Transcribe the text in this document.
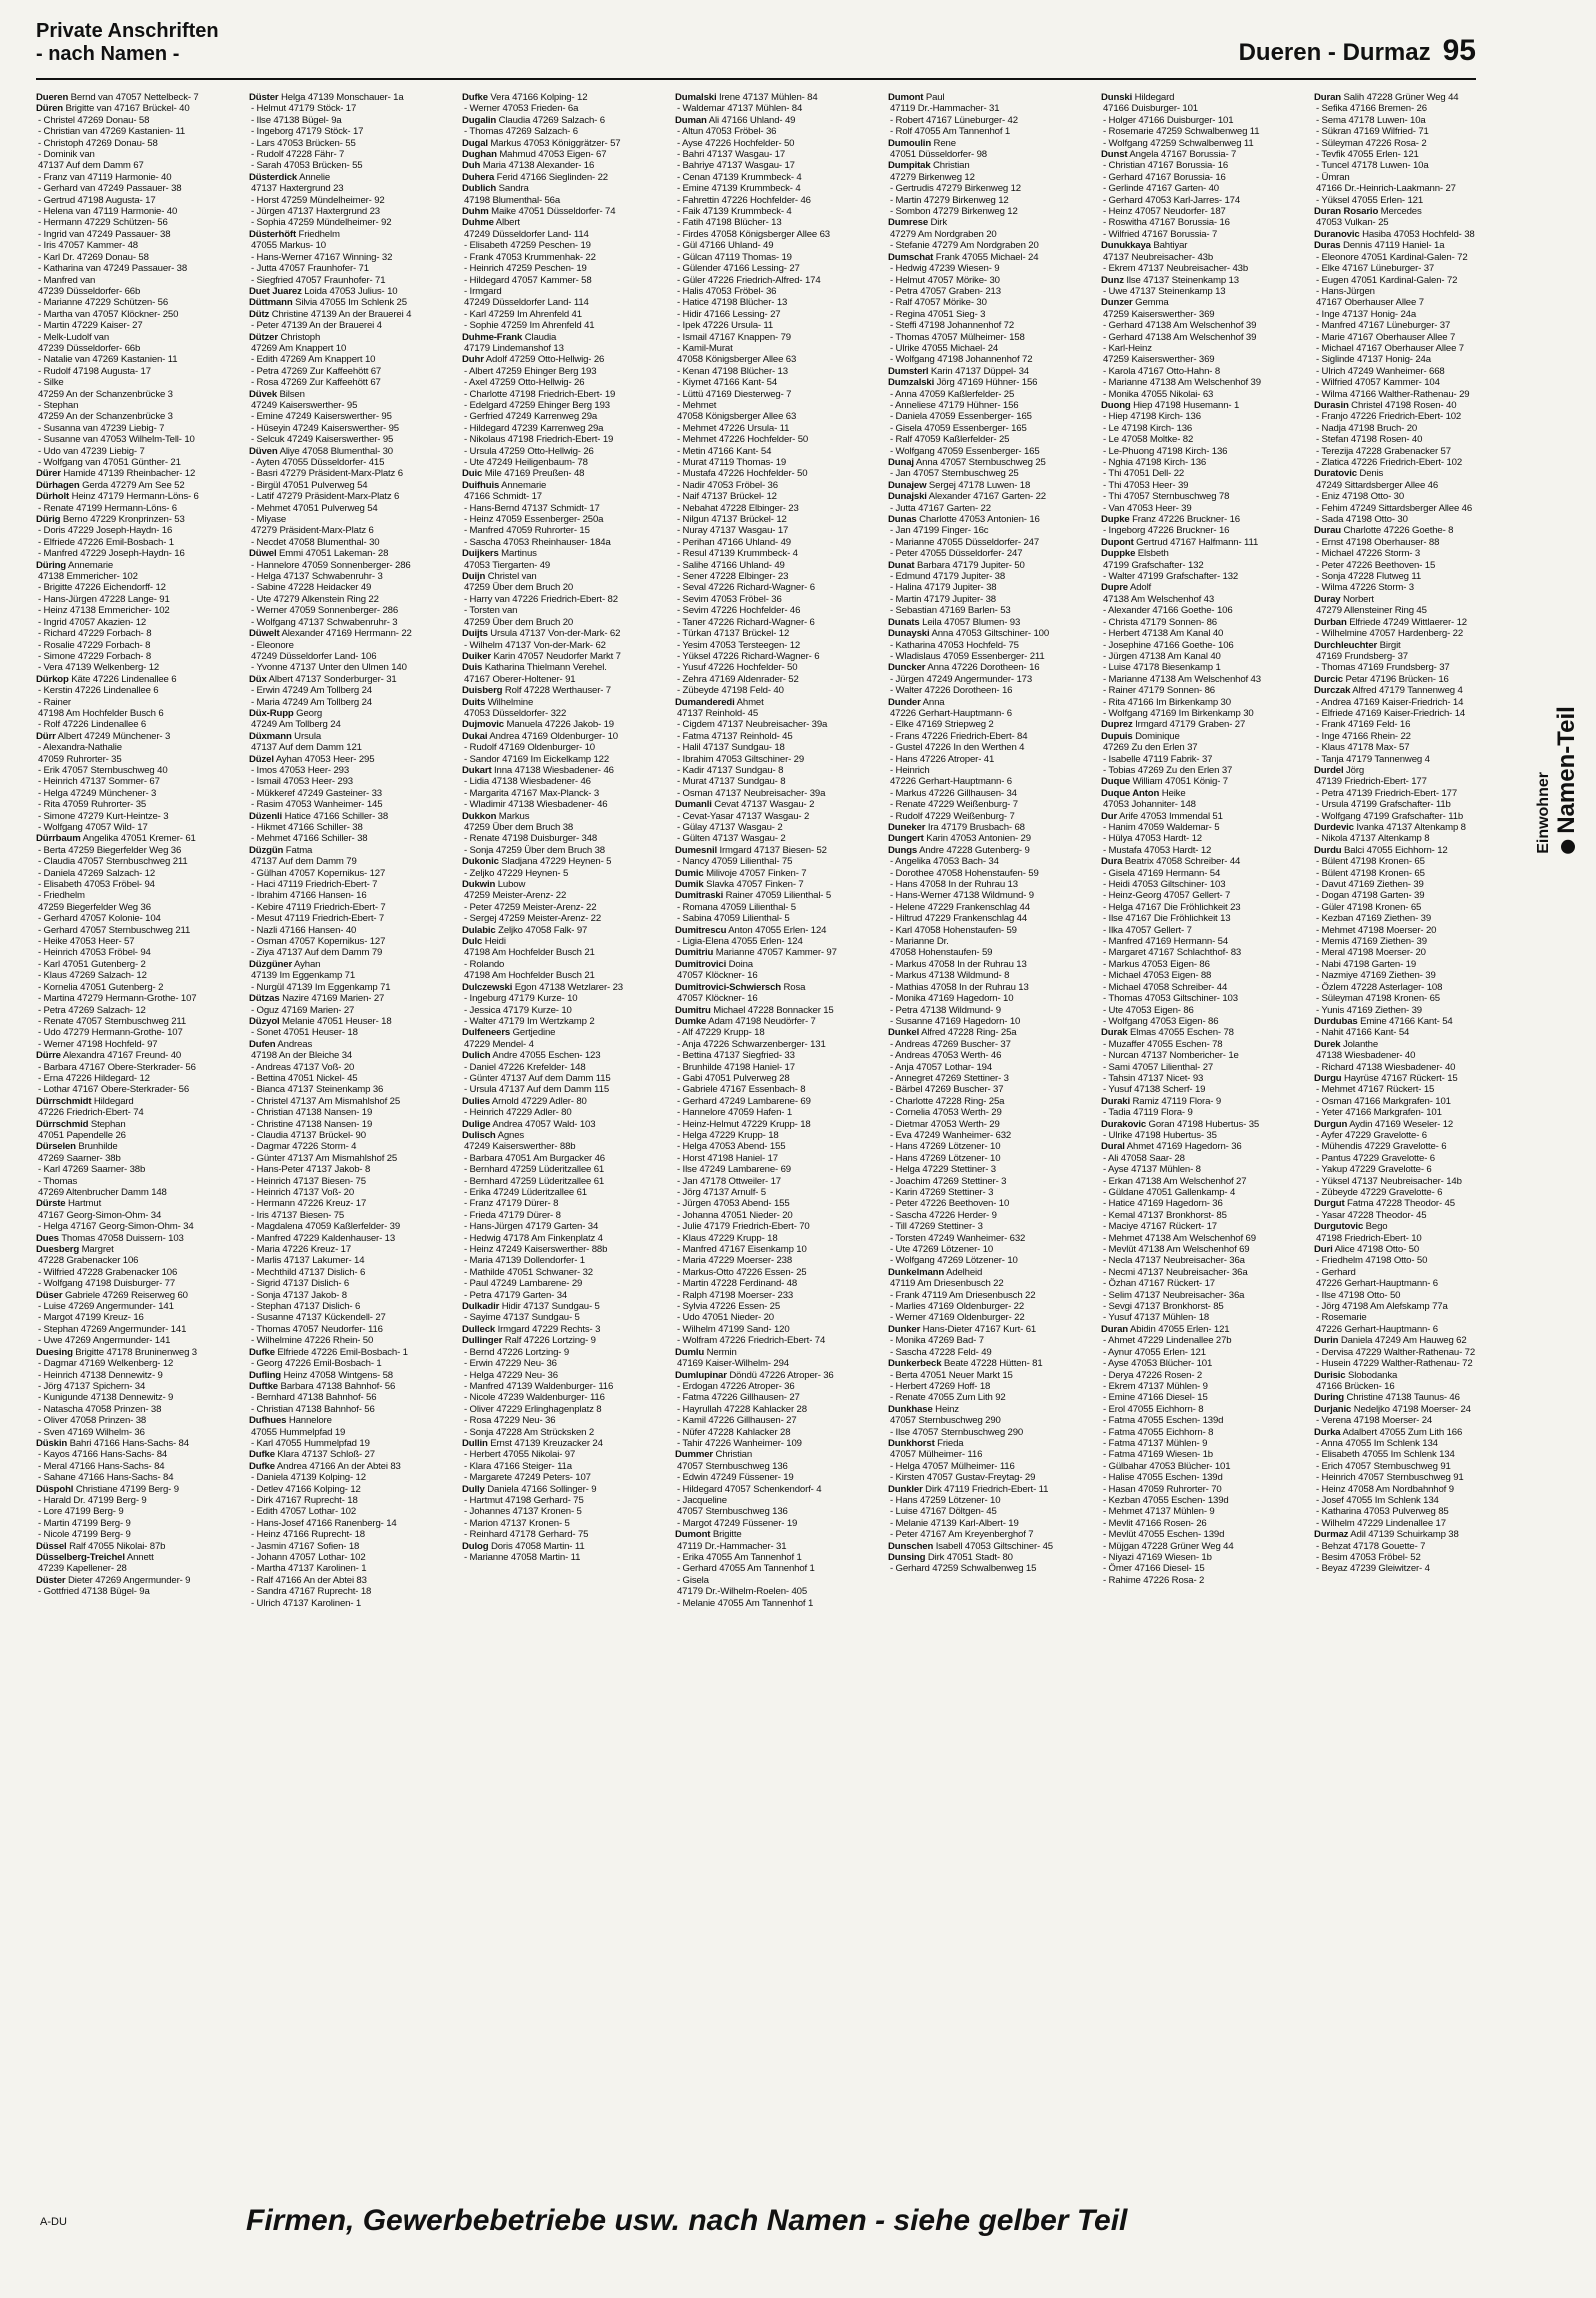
Private Anschriften
- nach Namen -	Dueren - Durmaz 95
Dueren Bernd van 47057 Nettelbeck- 7
Düren Brigitte van 47167 Brückel- 40
- Christel 47269 Donau- 58
- Christian van 47269 Kastanien- 11
- Christoph 47269 Donau- 58
- Dominik van
47137 Auf dem Damm 67
- Franz van 47119 Harmonie- 40
- Gerhard van 47249 Passauer- 38
- Gertrud 47198 Augusta- 17
- Helena van 47119 Harmonie- 40
- Hermann 47229 Schützen- 56
- Ingrid van 47249 Passauer- 38
- Iris 47057 Kammer- 48
- Karl Dr. 47269 Donau- 58
- Katharina van 47249 Passauer- 38
- Manfred van
47239 Düsseldorfer- 66b
- Marianne 47229 Schützen- 56
- Martha van 47057 Klöckner- 250
- Martin 47229 Kaiser- 27
- Melk-Ludolf van
47239 Düsseldorfer- 66b
- Natalie van 47269 Kastanien- 11
- Rudolf 47198 Augusta- 17
- Silke
47259 An der Schanzenbrücke 3
- Stephan
47259 An der Schanzenbrücke 3
- Susanna van 47239 Liebig- 7
- Susanne van 47053 Wilhelm-Tell- 10
- Udo van 47239 Liebig- 7
- Wolfgang van 47051 Günther- 21
Dürer Hamide 47139 Rheinbacher- 12
Dürhagen Gerda 47279 Am See 52
Dürholt Heinz 47179 Hermann-Löns- 6
- Renate 47199 Hermann-Löns- 6
Dürig Berno 47229 Kronprinzen- 53
- Doris 47229 Joseph-Haydn- 16
- Elfriede 47226 Emil-Bosbach- 1
- Manfred 47229 Joseph-Haydn- 16
Düring Annemarie
47138 Emmericher- 102
- Brigitte 47226 Eichendorff- 12
- Hans-Jürgen 47228 Lange- 91
- Heinz 47138 Emmericher- 102
- Ingrid 47057 Akazien- 12
- Richard 47229 Forbach- 8
- Rosalie 47229 Forbach- 8
- Simone 47229 Forbach- 8
- Vera 47139 Welkenberg- 12
Dürkop Käte 47226 Lindenallee 6
- Kerstin 47226 Lindenallee 6
- Rainer
47198 Am Hochfelder Busch 6
- Rolf 47226 Lindenallee 6
Dürr Albert 47249 Münchener- 3
- Alexandra-Nathalie
47059 Ruhrorter- 35
- Erik 47057 Sternbuschweg 40
- Heinrich 47137 Sommer- 67
- Helga 47249 Münchener- 3
- Rita 47059 Ruhrorter- 35
- Simone 47279 Kurt-Heintze- 3
- Wolfgang 47057 Wild- 17
Dürrbaum Angelika 47051 Kremer- 61
- Berta 47259 Biegerfelder Weg 36
- Claudia 47057 Sternbuschweg 211
- Daniela 47269 Salzach- 12
- Elisabeth 47053 Fröbel- 94
- Friedhelm
47259 Biegerfelder Weg 36
- Gerhard 47057 Kolonie- 104
- Gerhard 47057 Sternbuschweg 211
- Heike 47053 Heer- 57
- Heinrich 47053 Fröbel- 94
- Karl 47051 Gutenberg- 2
- Klaus 47269 Salzach- 12
- Kornelia 47051 Gutenberg- 2
- Martina 47279 Hermann-Grothe- 107
- Petra 47269 Salzach- 12
- Renate 47057 Sternbuschweg 211
- Udo 47279 Hermann-Grothe- 107
- Werner 47198 Hochfeld- 97
Dürre Alexandra 47167 Freund- 40
- Barbara 47167 Obere-Sterkrader- 56
- Erna 47226 Hildegard- 12
- Lothar 47167 Obere-Sterkrader- 56
Dürrschmidt Hildegard
47226 Friedrich-Ebert- 74
Dürrschmid Stephan
47051 Papendelle 26
Dürselen Brunhilde
47269 Saarner- 38b
- Karl 47269 Saarner- 38b
- Thomas
47269 Altenbrucher Damm 148
Dürste Hartmut
47167 Georg-Simon-Ohm- 34
- Helga 47167 Georg-Simon-Ohm- 34
Dues Thomas 47058 Duissern- 103
Duesberg Margret
47228 Grabenacker 106
- Wilfried 47228 Grabenacker 106
- Wolfgang 47198 Duisburger- 77
Düser Gabriele 47269 Reiserweg 60
- Luise 47269 Angermunder- 141
- Margot 47199 Kreuz- 16
- Stephan 47269 Angermunder- 141
- Uwe 47269 Angermunder- 141
Duesing Brigitte 47178 Bruninenweg 3
- Dagmar 47169 Welkenberg- 12
- Heinrich 47138 Dennewitz- 9
- Jörg 47137 Spichern- 34
- Kunigunde 47138 Dennewitz- 9
- Natascha 47058 Prinzen- 38
- Oliver 47058 Prinzen- 38
- Sven 47169 Wilhelm- 36
Düskin Bahri 47166 Hans-Sachs- 84
- Kayos 47166 Hans-Sachs- 84
- Meral 47166 Hans-Sachs- 84
- Sahane 47166 Hans-Sachs- 84
Düspohl Christiane 47199 Berg- 9
- Harald Dr. 47199 Berg- 9
- Lore 47199 Berg- 9
- Martin 47199 Berg- 9
- Nicole 47199 Berg- 9
Düssel Ralf 47055 Nikolai- 87b
Düsselberg-Treichel Annett
47239 Kapellener- 28
Düster Dieter 47269 Angermunder- 9
- Gottfried 47138 Bügel- 9a
Düster Helga 47139 Monschauer- 1a
- Helmut 47179 Stöck- 17
- Ilse 47138 Bügel- 9a
- Ingeborg 47179 Stöck- 17
- Lars 47053 Brücken- 55
- Rudolf 47228 Fähr- 7
- Sarah 47053 Brücken- 55
Düsterdick Annelie
47137 Haxtergrund 23
- Horst 47259 Mündelheimer- 92
- Jürgen 47137 Haxtergrund 23
- Sophia 47259 Mündelheimer- 92
Düsterhöft Friedhelm
47055 Markus- 10
- Hans-Werner 47167 Winning- 32
- Jutta 47057 Fraunhofer- 71
- Siegfried 47057 Fraunhofer- 71
Duet Juarez Loida 47053 Julius- 10
Düttmann Silvia 47055 Im Schlenk 25
Dütz Christine 47139 An der Brauerei 4
- Peter 47139 An der Brauerei 4
Dützer Christoph
47269 Am Knappert 10
- Edith 47269 Am Knappert 10
- Petra 47269 Zur Kaffeehött 67
- Rosa 47269 Zur Kaffeehött 67
Düvek Bilsen
47249 Kaiserswerther- 95
- Emine 47249 Kaiserswerther- 95
- Hüseyin 47249 Kaiserswerther- 95
- Selcuk 47249 Kaiserswerther- 95
Düven Aliye 47058 Blumenthal- 30
- Ayten 47055 Düsseldorfer- 415
- Basri 47279 Präsident-Marx-Platz 6
- Birgül 47051 Pulverweg 54
- Latif 47279 Präsident-Marx-Platz 6
- Mehmet 47051 Pulverweg 54
- Miyase
47279 Präsident-Marx-Platz 6
- Necdet 47058 Blumenthal- 30
Düwel Emmi 47051 Lakeman- 28
- Hannelore 47059 Sonnenberger- 286
- Helga 47137 Schwabenruhr- 3
- Sabine 47228 Heidacker 49
- Ute 47279 Alkenstein Ring 22
- Werner 47059 Sonnenberger- 286
- Wolfgang 47137 Schwabenruhr- 3
Düwelt Alexander 47169 Herrmann- 22
- Eleonore
47249 Düsseldorfer Land- 106
- Yvonne 47137 Unter den Ulmen 140
Düx Albert 47137 Sonderburger- 31
- Erwin 47249 Am Tollberg 24
- Maria 47249 Am Tollberg 24
Düx-Rupp Georg
47249 Am Tollberg 24
Düxmann Ursula
47137 Auf dem Damm 121
Düzel Ayhan 47053 Heer- 295
- Imos 47053 Heer- 293
- Ismail 47053 Heer- 293
- Mükkeref 47249 Gasteiner- 33
- Rasim 47053 Wanheimer- 145
Düzenli Hatice 47166 Schiller- 38
- Hikmet 47166 Schiller- 38
- Mehmet 47166 Schiller- 38
Düzgün Fatma
47137 Auf dem Damm 79
- Gülhan 47057 Kopernikus- 127
- Haci 47119 Friedrich-Ebert- 7
- Ibrahim 47166 Hansen- 16
- Kebire 47119 Friedrich-Ebert- 7
- Mesut 47119 Friedrich-Ebert- 7
- Nazli 47166 Hansen- 40
- Osman 47057 Kopernikus- 127
- Ziya 47137 Auf dem Damm 79
Düzgüner Ayhan
47139 Im Eggenkamp 71
- Nurgül 47139 Im Eggenkamp 71
Dützas Nazire 47169 Marien- 27
- Oguz 47169 Marien- 27
Düzyol Melanie 47051 Heuser- 18
- Sonet 47051 Heuser- 18
Dufen Andreas
47198 An der Bleiche 34
- Andreas 47137 Voß- 20
- Bettina 47051 Nickel- 45
- Bianca 47137 Steinenkamp 36
- Christel 47137 Am Mismahlshof 25
- Christian 47138 Nansen- 19
- Christine 47138 Nansen- 19
- Claudia 47137 Brückel- 90
- Dagmar 47226 Storm- 4
- Günter 47137 Am Mismahlshof 25
- Hans-Peter 47137 Jakob- 8
- Heinrich 47137 Biesen- 75
- Heinrich 47137 Voß- 20
- Hermann 47226 Kreuz- 17
- Iris 47137 Biesen- 75
- Magdalena 47059 Kaßlerfelder- 39
- Manfred 47229 Kaldenhauser- 13
- Maria 47226 Kreuz- 17
- Marlis 47137 Lakumer- 14
- Mechthild 47137 Dislich- 6
- Sigrid 47137 Dislich- 6
- Sonja 47137 Jakob- 8
- Stephan 47137 Dislich- 6
- Susanne 47137 Kückendell- 27
- Thomas 47057 Neudorfer- 116
- Wilhelmine 47226 Rhein- 50
Dufke Elfriede 47226 Emil-Bosbach- 1
- Georg 47226 Emil-Bosbach- 1
Dufling Heinz 47058 Wintgens- 58
Duftke Barbara 47138 Bahnhof- 56
- Bernhard 47138 Bahnhof- 56
- Christian 47138 Bahnhof- 56
Dufhues Hannelore
47055 Hummelpfad 19
- Karl 47055 Hummelpfad 19
Dufke Klara 47137 Schloß- 27
Dufke Andrea 47166 An der Abtei 83
- Daniela 47139 Kolping- 12
- Detlev 47166 Kolping- 12
- Dirk 47167 Ruprecht- 18
- Edith 47057 Lothar- 102
- Hans-Josef 47166 Ranenberg- 14
- Heinz 47166 Ruprecht- 18
- Jasmin 47167 Sofien- 18
- Johann 47057 Lothar- 102
- Martha 47137 Karolinen- 1
- Ralf 47166 An der Abtei 83
- Sandra 47167 Ruprecht- 18
- Ulrich 47137 Karolinen- 1
Dufke Vera 47166 Kolping- 12
- Werner 47053 Frieden- 6a
Dugalin Claudia 47269 Salzach- 6
- Thomas 47269 Salzach- 6
Dugal Markus 47053 Königgrätzer- 57
Dughan Mahmud 47053 Eigen- 67
Duh Maria 47138 Alexander- 16
Duhera Ferid 47166 Sieglinden- 22
Dublich Sandra
47198 Blumenthal- 56a
Duhm Maike 47051 Düsseldorfer- 74
Duhme Albert
47249 Düsseldorfer Land- 114
- Elisabeth 47259 Peschen- 19
- Frank 47053 Krummenhak- 22
- Heinrich 47259 Peschen- 19
- Hildegard 47057 Kammer- 58
- Irmgard
47249 Düsseldorfer Land- 114
- Karl 47259 Im Ahrenfeld 41
- Sophie 47259 Im Ahrenfeld 41
Duhme-Frank Claudia
47179 Lindemanshof 13
Duhr Adolf 47259 Otto-Hellwig- 26
- Albert 47259 Ehinger Berg 193
- Axel 47259 Otto-Hellwig- 26
- Charlotte 47198 Friedrich-Ebert- 19
- Edelgard 47259 Ehinger Berg 193
- Gerfried 47249 Karrenweg 29a
- Hildegard 47239 Karrenweg 29a
- Nikolaus 47198 Friedrich-Ebert- 19
- Ursula 47259 Otto-Hellwig- 26
- Ute 47249 Heiligenbaum- 78
Duic Mile 47169 Preußen- 48
Duifhuis Annemarie
47166 Schmidt- 17
- Hans-Bernd 47137 Schmidt- 17
- Heinz 47059 Essenberger- 250a
- Manfred 47059 Ruhrorter- 15
- Sascha 47053 Rheinhauser- 184a
Duijkers Martinus
47053 Tiergarten- 49
Duijn Christel van
47259 Über dem Bruch 20
- Harry van 47226 Friedrich-Ebert- 82
- Torsten van
47259 Über dem Bruch 20
Duijts Ursula 47137 Von-der-Mark- 62
- Wilhelm 47137 Von-der-Mark- 62
Duiker Karin 47057 Neudorfer Markt 7
Duis Katharina Thielmann Verehel.
47167 Oberer-Holtener- 91
Duisberg Rolf 47228 Werthauser- 7
Duits Wilhelmine
47053 Düsseldorfer- 322
Dujmovic Manuela 47226 Jakob- 19
Dukai Andrea 47169 Oldenburger- 10
- Rudolf 47169 Oldenburger- 10
- Sandor 47169 Im Eickelkamp 122
Dukart Inna 47138 Wiesbadener- 46
- Lidia 47138 Wiesbadener- 46
- Margarita 47167 Max-Planck- 3
- Wladimir 47138 Wiesbadener- 46
Dukkon Markus
47259 Über dem Bruch 38
- Renate 47198 Duisburger- 348
- Sonja 47259 Über dem Bruch 38
Dukonic Sladjana 47229 Heynen- 5
- Zeljko 47229 Heynen- 5
Dukwin Lubow
47259 Meister-Arenz- 22
- Peter 47259 Meister-Arenz- 22
- Sergej 47259 Meister-Arenz- 22
Dulabic Zeljko 47058 Falk- 97
Dulc Heidi
47198 Am Hochfelder Busch 21
- Rolando
47198 Am Hochfelder Busch 21
Dulczewski Egon 47138 Wetzlarer- 23
- Ingeburg 47179 Kurze- 10
- Jessica 47179 Kurze- 10
- Walter 47179 Im Wertzkamp 2
Dulfeneers Gertjedine
47229 Mendel- 4
Dulich Andre 47055 Eschen- 123
- Daniel 47226 Krefelder- 148
- Günter 47137 Auf dem Damm 115
- Ursula 47137 Auf dem Damm 115
Dulies Arnold 47229 Adler- 80
- Heinrich 47229 Adler- 80
Dulige Andrea 47057 Wald- 103
Dulisch Agnes
47249 Kaiserswerther- 88b
- Barbara 47051 Am Burgacker 46
- Bernhard 47259 Lüderitzallee 61
- Bernhard 47259 Lüderitzallee 61
- Erika 47249 Lüderitzallee 61
- Franz 47179 Dürer- 8
- Frieda 47179 Dürer- 8
- Hans-Jürgen 47179 Garten- 34
- Hedwig 47178 Am Finkenplatz 4
- Heinz 47249 Kaiserswerther- 88b
- Maria 47139 Dollendorfer- 1
- Mathilde 47051 Schwaner- 32
- Paul 47249 Lambarene- 29
- Petra 47179 Garten- 34
Dulkadir Hidir 47137 Sundgau- 5
- Sayime 47137 Sundgau- 5
Dulleck Irmgard 47229 Rechts- 3
Dullinger Ralf 47226 Lortzing- 9
- Bernd 47226 Lortzing- 9
- Erwin 47229 Neu- 36
- Helga 47229 Neu- 36
- Manfred 47139 Waldenburger- 116
- Nicole 47239 Waldenburger- 116
- Oliver 47229 Erlinghagenplatz 8
- Rosa 47229 Neu- 36
- Sonja 47228 Am Strücksken 2
Dullin Ernst 47139 Kreuzacker 24
- Herbert 47055 Nikolai- 97
- Klara 47166 Steiger- 11a
- Margarete 47249 Peters- 107
Dully Daniela 47166 Sollinger- 9
- Hartmut 47198 Gerhard- 75
- Johannes 47137 Kronen- 5
- Marion 47137 Kronen- 5
- Reinhard 47178 Gerhard- 75
Dulog Doris 47058 Martin- 11
- Marianne 47058 Martin- 11
Dumalski Irene 47137 Mühlen- 84
- Waldemar 47137 Mühlen- 84
Duman Ali 47166 Uhland- 49
- Altun 47053 Fröbel- 36
- Ayse 47226 Hochfelder- 50
- Bahri 47137 Wasgau- 17
- Bahriye 47137 Wasgau- 17
- Cenan 47139 Krummbeck- 4
- Emine 47139 Krummbeck- 4
- Fahrettin 47226 Hochfelder- 46
- Faik 47139 Krummbeck- 4
- Fatih 47198 Blücher- 13
- Firdes 47058 Königsberger Allee 63
- Gül 47166 Uhland- 49
- Gülcan 47119 Thomas- 19
- Gülender 47166 Lessing- 27
- Güler 47226 Friedrich-Alfred- 174
- Halis 47053 Fröbel- 36
- Hatice 47198 Blücher- 13
- Hidir 47166 Lessing- 27
- Ipek 47226 Ursula- 11
- Ismail 47167 Knappen- 79
- Kamil-Murat
47058 Königsberger Allee 63
- Kenan 47198 Blücher- 13
- Kiymet 47166 Kant- 54
- Lüttü 47169 Diesterweg- 7
- Mehmet
47058 Königsberger Allee 63
- Mehmet 47226 Ursula- 11
- Mehmet 47226 Hochfelder- 50
- Metin 47166 Kant- 54
- Murat 47119 Thomas- 19
- Mustafa 47226 Hochfelder- 50
- Nadir 47053 Fröbel- 36
- Naif 47137 Brückel- 12
- Nebahat 47228 Elbinger- 23
- Nilgun 47137 Brückel- 12
- Nuray 47137 Wasgau- 17
- Perihan 47166 Uhland- 49
- Resul 47139 Krummbeck- 4
- Salihe 47166 Uhland- 49
- Sener 47228 Elbinger- 23
- Seval 47226 Richard-Wagner- 6
- Sevim 47053 Fröbel- 36
- Sevim 47226 Hochfelder- 46
- Taner 47226 Richard-Wagner- 6
- Türkan 47137 Brückel- 12
- Yesim 47053 Tersteegen- 12
- Yüksel 47226 Richard-Wagner- 6
- Yusuf 47226 Hochfelder- 50
- Zehra 47169 Aldenrader- 52
- Zübeyde 47198 Feld- 40
Dumanderedi Ahmet
47137 Reinhold- 45
- Cigdem 47137 Neubreisacher- 39a
- Fatma 47137 Reinhold- 45
- Halil 47137 Sundgau- 18
- Ibrahim 47053 Giltschiner- 29
- Kadir 47137 Sundgau- 8
- Murat 47137 Sundgau- 8
- Osman 47137 Neubreisacher- 39a
Dumanli Cevat 47137 Wasgau- 2
- Cevat-Yasar 47137 Wasgau- 2
- Gülay 47137 Wasgau- 2
- Gülten 47137 Wasgau- 2
Dumesnil Irmgard 47137 Biesen- 52
- Nancy 47059 Lilienthal- 75
Dumic Milivoje 47057 Finken- 7
Dumik Slavka 47057 Finken- 7
Dumitraski Rainer 47059 Lilienthal- 5
- Romana 47059 Lilienthal- 5
- Sabina 47059 Lilienthal- 5
Dumitrescu Anton 47055 Erlen- 124
- Ligia-Elena 47055 Erlen- 124
Dumitriu Marianne 47057 Kammer- 97
Dumitrovici Doina
47057 Klöckner- 16
Dumitrovici-Schwiersch Rosa
47057 Klöckner- 16
Dumitru Michael 47228 Bonnacker 15
Dumke Adam 47198 Neudörfer- 7
- Alf 47229 Krupp- 18
- Anja 47226 Schwarzenberger- 131
- Bettina 47137 Siegfried- 33
- Brunhilde 47198 Haniel- 17
- Gabi 47051 Pulverweg 28
- Gabriele 47167 Essenbach- 8
- Gerhard 47249 Lambarene- 69
- Hannelore 47059 Hafen- 1
- Heinz-Helmut 47229 Krupp- 18
- Helga 47229 Krupp- 18
- Helga 47053 Abend- 155
- Horst 47198 Haniel- 17
- Ilse 47249 Lambarene- 69
- Jan 47178 Ottweiler- 17
- Jörg 47137 Arnulf- 5
- Jürgen 47053 Abend- 155
- Johanna 47051 Nieder- 20
- Julie 47179 Friedrich-Ebert- 70
- Klaus 47229 Krupp- 18
- Manfred 47167 Eisenkamp 10
- Maria 47229 Moerser- 238
- Markus-Otto 47226 Essen- 25
- Martin 47228 Ferdinand- 48
- Ralph 47198 Moerser- 233
- Sylvia 47226 Essen- 25
- Udo 47051 Nieder- 20
- Wilhelm 47199 Sand- 120
- Wolfram 47226 Friedrich-Ebert- 74
Dumlu Nermin
47169 Kaiser-Wilhelm- 294
Dumlupinar Döndü 47226 Atroper- 36
- Erdogan 47226 Atroper- 36
- Fatma 47226 Gillhausen- 27
- Hayrullah 47228 Kahlacker 28
- Kamil 47226 Gillhausen- 27
- Nüfer 47228 Kahlacker 28
- Tahir 47226 Wanheimer- 109
Dummer Christian
47057 Sternbuschweg 136
- Edwin 47249 Füssener- 19
- Hildegard 47057 Schenkendorf- 4
- Jacqueline
47057 Sternbuschweg 136
- Margot 47249 Füssener- 19
Dumont Brigitte
47119 Dr.-Hammacher- 31
- Erika 47055 Am Tannenhof 1
- Gerhard 47055 Am Tannenhof 1
- Gisela
47179 Dr.-Wilhelm-Roelen- 405
- Melanie 47055 Am Tannenhof 1
Dumont Paul
47119 Dr.-Hammacher- 31
- Robert 47167 Lüneburger- 42
- Rolf 47055 Am Tannenhof 1
Dumoulin Rene
47051 Düsseldorfer- 98
Dumpitak Christian
47279 Birkenweg 12
- Gertrudis 47279 Birkenweg 12
- Martin 47279 Birkenweg 12
- Sombon 47279 Birkenweg 12
Dumrese Dirk
47279 Am Nordgraben 20
- Stefanie 47279 Am Nordgraben 20
Dumschat Frank 47055 Michael- 24
- Hedwig 47239 Wiesen- 9
- Helmut 47057 Mörike- 30
- Petra 47057 Graben- 213
- Ralf 47057 Mörike- 30
- Regina 47051 Sieg- 3
- Steffi 47198 Johannenhof 72
- Thomas 47057 Mülheimer- 158
- Ulrike 47055 Michael- 24
- Wolfgang 47198 Johannenhof 72
Dumsterl Karin 47137 Düppel- 34
Dumzalski Jörg 47169 Hühner- 156
- Anna 47059 Kaßlerfelder- 25
- Anneliese 47179 Hühner- 156
- Daniela 47059 Essenberger- 165
- Gisela 47059 Essenberger- 165
- Ralf 47059 Kaßlerfelder- 25
- Wolfgang 47059 Essenberger- 165
Dunaj Anna 47057 Sternbuschweg 25
- Jan 47057 Sternbuschweg 25
Dunajew Sergej 47178 Luwen- 18
Dunajski Alexander 47167 Garten- 22
- Jutta 47167 Garten- 22
Dunas Charlotte 47053 Antonien- 16
- Jan 47199 Finger- 16c
- Marianne 47055 Düsseldorfer- 247
- Peter 47055 Düsseldorfer- 247
Dunat Barbara 47179 Jupiter- 50
- Edmund 47179 Jupiter- 38
- Halina 47179 Jupiter- 38
- Martin 47179 Jupiter- 38
- Sebastian 47169 Barlen- 53
Dunats Leila 47057 Blumen- 93
Dunayski Anna 47053 Giltschiner- 100
- Katharina 47053 Hochfeld- 75
- Wladislaus 47059 Essenberger- 211
Duncker Anna 47226 Dorotheen- 16
- Jürgen 47249 Angermunder- 173
- Walter 47226 Dorotheen- 16
Dunder Anna
47226 Gerhart-Hauptmann- 6
- Elke 47169 Striepweg 2
- Frans 47226 Friedrich-Ebert- 84
- Gustel 47226 In den Werthen 4
- Hans 47226 Atroper- 41
- Heinrich
47226 Gerhart-Hauptmann- 6
- Markus 47226 Gillhausen- 34
- Renate 47229 Weißenburg- 7
- Rudolf 47229 Weißenburg- 7
Duneker Ira 47179 Brusbach- 68
Dungert Karin 47053 Antonien- 29
Dungs Andre 47228 Gutenberg- 9
- Angelika 47053 Bach- 34
- Dorothee 47058 Hohenstaufen- 59
- Hans 47058 In der Ruhrau 13
- Hans-Werner 47138 Wildmund- 9
- Helene 47229 Frankenschlag 44
- Hiltrud 47229 Frankenschlag 44
- Karl 47058 Hohenstaufen- 59
- Marianne Dr.
47058 Hohenstaufen- 59
- Markus 47058 In der Ruhrau 13
- Markus 47138 Wildmund- 8
- Mathias 47058 In der Ruhrau 13
- Monika 47169 Hagedorn- 10
- Petra 47138 Wildmund- 9
- Susanne 47169 Hagedorn- 10
Dunkel Alfred 47228 Ring- 25a
- Andreas 47269 Buscher- 37
- Andreas 47053 Werth- 46
- Anja 47057 Lothar- 194
- Annegret 47269 Stettiner- 3
- Bärbel 47269 Buscher- 37
- Charlotte 47228 Ring- 25a
- Cornelia 47053 Werth- 29
- Dietmar 47053 Werth- 29
- Eva 47249 Wanheimer- 632
- Hans 47269 Lötzener- 10
- Hans 47269 Lötzener- 10
- Helga 47229 Stettiner- 3
- Joachim 47269 Stettiner- 3
- Karin 47269 Stettiner- 3
- Peter 47226 Beethoven- 10
- Sascha 47226 Herder- 9
- Till 47269 Stettiner- 3
- Torsten 47249 Wanheimer- 632
- Ute 47269 Lötzener- 10
- Wolfgang 47269 Lötzener- 10
Dunkelmann Adelheid
47119 Am Driesenbusch 22
- Frank 47119 Am Driesenbusch 22
- Marlies 47169 Oldenburger- 22
- Werner 47169 Oldenburger- 22
Dunker Hans-Dieter 47167 Kurt- 61
- Monika 47269 Bad- 7
- Sascha 47228 Feld- 49
Dunkerbeck Beate 47228 Hütten- 81
- Berta 47051 Neuer Markt 15
- Herbert 47269 Hoff- 18
- Renate 47055 Zum Lith 92
Dunkhase Heinz
47057 Sternbuschweg 290
- Ilse 47057 Sternbuschweg 290
Dunkhorst Frieda
47057 Mülheimer- 116
- Helga 47057 Mülheimer- 116
- Kirsten 47057 Gustav-Freytag- 29
Dunkler Dirk 47119 Friedrich-Ebert- 11
- Hans 47259 Lötzener- 10
- Luise 47167 Döltgen- 45
- Melanie 47139 Karl-Albert- 19
- Peter 47167 Am Kreyenberghof 7
Dunschen Isabell 47053 Giltschiner- 45
Dunsing Dirk 47051 Stadt- 80
- Gerhard 47259 Schwalbenweg 15
Dunski Hildegard
47166 Duisburger- 101
- Holger 47166 Duisburger- 101
- Rosemarie 47259 Schwalbenweg 11
- Wolfgang 47259 Schwalbenweg 11
Dunst Angela 47167 Borussia- 7
- Christian 47167 Borussia- 16
- Gerhard 47167 Borussia- 16
- Gerlinde 47167 Garten- 40
- Gerhard 47053 Karl-Jarres- 174
- Heinz 47057 Neudorfer- 187
- Roswitha 47167 Borussia- 16
- Wilfried 47167 Borussia- 7
Dunukkaya Bahtiyar
47137 Neubreisacher- 43b
- Ekrem 47137 Neubreisacher- 43b
Dunz Ilse 47137 Steinenkamp 13
- Uwe 47137 Steinenkamp 13
Dunzer Gemma
47259 Kaiserswerther- 369
- Gerhard 47138 Am Welschenhof 39
- Gerhard 47138 Am Welschenhof 39
- Karl-Heinz
47259 Kaiserswerther- 369
- Karola 47167 Otto-Hahn- 8
- Marianne 47138 Am Welschenhof 39
- Monika 47055 Nikolai- 63
Duong Hiep 47198 Husemann- 1
- Hiep 47198 Kirch- 136
- Le 47198 Kirch- 136
- Le 47058 Moltke- 82
- Le-Phuong 47198 Kirch- 136
- Nghia 47198 Kirch- 136
- Thi 47051 Dell- 22
- Thi 47053 Heer- 39
- Thi 47057 Sternbuschweg 78
- Van 47053 Heer- 39
Dupke Franz 47226 Bruckner- 16
- Ingeborg 47226 Bruckner- 16
Dupont Gertrud 47167 Halfmann- 111
Duppke Elsbeth
47199 Grafschafter- 132
- Walter 47199 Grafschafter- 132
Dupre Adolf
47138 Am Welschenhof 43
- Alexander 47166 Goethe- 106
- Christa 47179 Sonnen- 86
- Herbert 47138 Am Kanal 40
- Josephine 47166 Goethe- 106
- Jürgen 47138 Am Kanal 40
- Luise 47178 Biesenkamp 1
- Marianne 47138 Am Welschenhof 43
- Rainer 47179 Sonnen- 86
- Rita 47166 Im Birkenkamp 30
- Wolfgang 47169 Im Birkenkamp 30
Duprez Irmgard 47179 Graben- 27
Dupuis Dominique
47269 Zu den Erlen 37
- Isabelle 47119 Fabrik- 37
- Tobias 47269 Zu den Erlen 37
Duque William 47051 König- 7
Duque Anton Heike
47053 Johanniter- 148
Dur Arife 47053 Immendal 51
- Hanim 47059 Waldemar- 5
- Hülya 47053 Hardt- 12
- Mustafa 47053 Hardt- 12
Dura Beatrix 47058 Schreiber- 44
- Gisela 47169 Hermann- 54
- Heidi 47053 Giltschiner- 103
- Heinz-Georg 47057 Gellert- 7
- Helga 47167 Die Fröhlichkeit 23
- Ilse 47167 Die Fröhlichkeit 13
- Ilka 47057 Gellert- 7
- Manfred 47169 Hermann- 54
- Margaret 47167 Schlachthof- 83
- Markus 47053 Eigen- 86
- Michael 47053 Eigen- 88
- Michael 47058 Schreiber- 44
- Thomas 47053 Giltschiner- 103
- Ute 47053 Eigen- 86
- Wolfgang 47053 Eigen- 86
Durak Elmas 47055 Eschen- 78
- Muzaffer 47055 Eschen- 78
- Nurcan 47137 Nombericher- 1e
- Sami 47057 Lilienthal- 27
- Tahsin 47137 Nicet- 93
- Yusuf 47138 Scherf- 19
Duraki Ramiz 47119 Flora- 9
- Tadia 47119 Flora- 9
Durakovic Goran 47198 Hubertus- 35
- Ulrike 47198 Hubertus- 35
Dural Ahmet 47169 Hagedorn- 36
- Ali 47058 Saar- 28
- Ayse 47137 Mühlen- 8
- Erkan 47138 Am Welschenhof 27
- Güldane 47051 Gallenkamp- 4
- Hatice 47169 Hagedorn- 36
- Kemal 47137 Bronkhorst- 85
- Maciye 47167 Rückert- 17
- Mehmet 47138 Am Welschenhof 69
- Mevlüt 47138 Am Welschenhof 69
- Necla 47137 Neubreisacher- 36a
- Necmi 47137 Neubreisacher- 36a
- Özhan 47167 Rückert- 17
- Selim 47137 Neubreisacher- 36a
- Sevgi 47137 Bronkhorst- 85
- Yusuf 47137 Mühlen- 18
Duran Abidin 47055 Erlen- 121
- Ahmet 47229 Lindenallee 27b
- Aynur 47055 Erlen- 121
- Ayse 47053 Blücher- 101
- Derya 47226 Rosen- 2
- Ekrem 47137 Mühlen- 9
- Emine 47166 Diesel- 15
- Erol 47055 Eichhorn- 8
- Fatma 47055 Eschen- 139d
- Fatma 47055 Eichhorn- 8
- Fatma 47137 Mühlen- 9
- Fatma 47169 Wiesen- 1b
- Gülbahar 47053 Blücher- 101
- Halise 47055 Eschen- 139d
- Hasan 47059 Ruhrorter- 70
- Kezban 47055 Eschen- 139d
- Mehmet 47137 Mühlen- 9
- Mevlit 47166 Rosen- 26
- Mevlüt 47055 Eschen- 139d
- Müjgan 47228 Grüner Weg 44
- Niyazi 47169 Wiesen- 1b
- Ömer 47166 Diesel- 15
- Rahime 47226 Rosa- 2
Duran Salih 47228 Grüner Weg 44
- Sefika 47166 Bremen- 26
- Sema 47178 Luwen- 10a
- Sükran 47169 Wilfried- 71
- Süleyman 47226 Rosa- 2
- Tevfik 47055 Erlen- 121
- Tuncel 47178 Luwen- 10a
- Ümran
47166 Dr.-Heinrich-Laakmann- 27
- Yüksel 47055 Erlen- 121
Duran Rosario Mercedes
47053 Vulkan- 25
Duranovic Hasiba 47053 Hochfeld- 38
Duras Dennis 47119 Haniel- 1a
- Eleonore 47051 Kardinal-Galen- 72
- Elke 47167 Lüneburger- 37
- Eugen 47051 Kardinal-Galen- 72
- Hans-Jürgen
47167 Oberhauser Allee 7
- Inge 47137 Honig- 24a
- Manfred 47167 Lüneburger- 37
- Marie 47167 Oberhauser Allee 7
- Michael 47167 Oberhauser Allee 7
- Siglinde 47137 Honig- 24a
- Ulrich 47249 Wanheimer- 668
- Wilfried 47057 Kammer- 104
- Wilma 47166 Walther-Rathenau- 29
Durasin Christel 47198 Rosen- 40
- Franjo 47226 Friedrich-Ebert- 102
- Nadja 47198 Bruch- 20
- Stefan 47198 Rosen- 40
- Terezija 47228 Grabenacker 57
- Zlatica 47226 Friedrich-Ebert- 102
Duratovic Denis
47249 Sittardsberger Allee 46
- Eniz 47198 Otto- 30
- Fehim 47249 Sittardsberger Allee 46
- Sada 47198 Otto- 30
Durau Charlotte 47226 Goethe- 8
- Ernst 47198 Oberhauser- 88
- Michael 47226 Storm- 3
- Peter 47226 Beethoven- 15
- Sonja 47228 Flutweg 11
- Wilma 47226 Storm- 3
Duray Norbert
47279 Allensteiner Ring 45
Durban Elfriede 47249 Wittlaerer- 12
- Wilhelmine 47057 Hardenberg- 22
Durchleuchter Birgit
47169 Frundsberg- 37
- Thomas 47169 Frundsberg- 37
Durcic Petar 47196 Brücken- 16
Durczak Alfred 47179 Tannenweg 4
- Andrea 47169 Kaiser-Friedrich- 14
- Elfriede 47169 Kaiser-Friedrich- 14
- Frank 47169 Feld- 16
- Inge 47166 Rhein- 22
- Klaus 47178 Max- 57
- Tanja 47179 Tannenweg 4
Durdel Jörg
47139 Friedrich-Ebert- 177
- Petra 47139 Friedrich-Ebert- 177
- Ursula 47199 Grafschafter- 11b
- Wolfgang 47199 Grafschafter- 11b
Durdevic Ivanka 47137 Altenkamp 8
- Nikola 47137 Altenkamp 8
Durdu Balci 47055 Eichhorn- 12
- Bülent 47198 Kronen- 65
- Bülent 47198 Kronen- 65
- Davut 47169 Ziethen- 39
- Dogan 47198 Garten- 39
- Güler 47198 Kronen- 65
- Kezban 47169 Ziethen- 39
- Mehmet 47198 Moerser- 20
- Memis 47169 Ziethen- 39
- Meral 47198 Moerser- 20
- Nabi 47198 Garten- 19
- Nazmiye 47169 Ziethen- 39
- Özlem 47228 Asterlager- 108
- Süleyman 47198 Kronen- 65
- Yunis 47169 Ziethen- 39
Durdubas Emine 47166 Kant- 54
- Nahit 47166 Kant- 54
Durek Jolanthe
47138 Wiesbadener- 40
- Richard 47138 Wiesbadener- 40
Durgu Hayrüse 47167 Rückert- 15
- Mehmet 47167 Rückert- 15
- Osman 47166 Markgrafen- 101
- Yeter 47166 Markgrafen- 101
Durgun Aydin 47169 Weseler- 12
- Ayfer 47229 Gravelotte- 6
- Mühendis 47229 Gravelotte- 6
- Pantus 47229 Gravelotte- 6
- Yakup 47229 Gravelotte- 6
- Yüksel 47137 Neubreisacher- 14b
- Zübeyde 47229 Gravelotte- 6
Durgut Fatma 47228 Theodor- 45
- Yasar 47228 Theodor- 45
Durgutovic Bego
47198 Friedrich-Ebert- 10
Duri Alice 47198 Otto- 50
- Friedhelm 47198 Otto- 50
- Gerhard
47226 Gerhart-Hauptmann- 6
- Ilse 47198 Otto- 50
- Jörg 47198 Am Alefskamp 77a
- Rosemarie
47226 Gerhart-Hauptmann- 6
Durin Daniela 47249 Am Hauweg 62
- Dervisa 47229 Walther-Rathenau- 72
- Husein 47229 Walther-Rathenau- 72
Durisic Slobodanka
47166 Brücken- 16
During Christine 47138 Taunus- 46
Durjanic Nedeljko 47198 Moerser- 24
- Verena 47198 Moerser- 24
Durka Adalbert 47055 Zum Lith 166
- Anna 47055 Im Schlenk 134
- Elisabeth 47055 Im Schlenk 134
- Erich 47057 Sternbuschweg 91
- Heinrich 47057 Sternbuschweg 91
- Heinz 47058 Am Nordbahnhof 9
- Josef 47055 Im Schlenk 134
- Katharina 47053 Pulverweg 85
- Wilhelm 47229 Lindenallee 17
Durmaz Adil 47139 Schuirkamp 38
- Behzat 47178 Gouette- 7
- Besim 47053 Fröbel- 52
- Beyaz 47239 Gleiwitzer- 4
Einwohner Namen-Teil
A-DU	Firmen, Gewerbebetriebe usw. nach Namen - siehe gelber Teil
